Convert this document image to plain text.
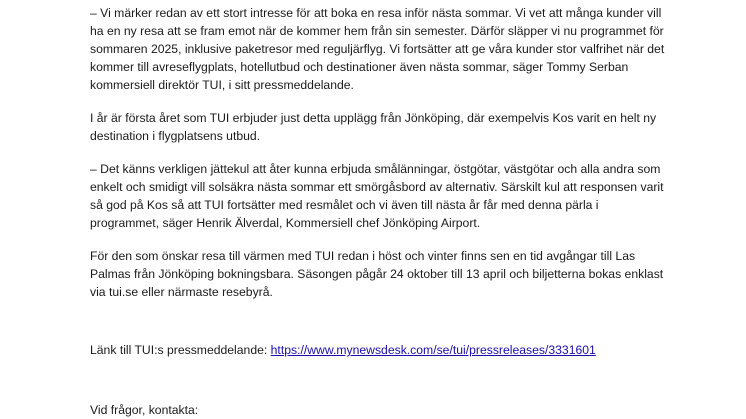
– Vi märker redan av ett stort intresse för att boka en resa inför nästa sommar. Vi vet att många kunder vill ha en ny resa att se fram emot när de kommer hem från sin semester. Därför släpper vi nu programmet för sommaren 2025, inklusive paketresor med reguljärflyg. Vi fortsätter att ge våra kunder stor valfrihet när det kommer till avreseflygplats, hotellutbud och destinationer även nästa sommar, säger Tommy Serban kommersiell direktör TUI, i sitt pressmeddelande.

I år är första året som TUI erbjuder just detta upplägg från Jönköping, där exempelvis Kos varit en helt ny destination i flygplatsens utbud.

– Det känns verkligen jättekul att åter kunna erbjuda smålänningar, östgötar, västgötar och alla andra som enkelt och smidigt vill solsäkra nästa sommar ett smörgåsbord av alternativ. Särskilt kul att responsen varit så god på Kos så att TUI fortsätter med resmålet och vi även till nästa år får med denna pärla i programmet, säger Henrik Älverdal, Kommersiell chef Jönköping Airport.

För den som önskar resa till värmen med TUI redan i höst och vinter finns sen en tid avgångar till Las Palmas från Jönköping bokningsbara. Säsongen pågår 24 oktober till 13 april och biljetterna bokas enklast via tui.se eller närmaste resebyrå.

Länk till TUI:s pressmeddelande: https://www.mynewsdesk.com/se/tui/pressreleases/3331601

Vid frågor, kontakta:
